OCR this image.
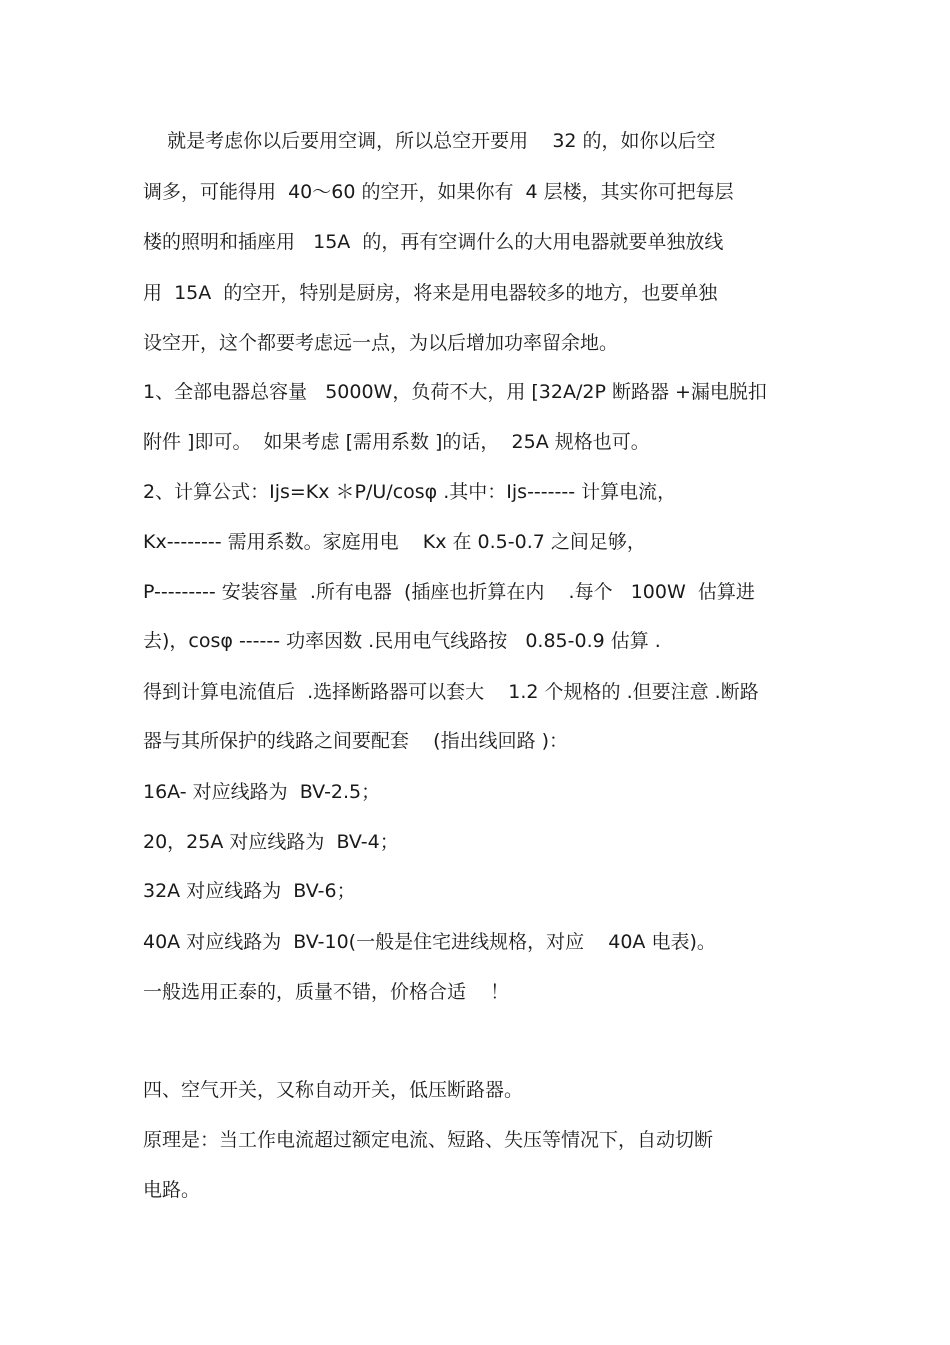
就是考虑你以后要用空调，所以总空开要用    32 的，如你以后空
调多，可能得用  40～60 的空开，如果你有  4 层楼，其实你可把每层
楼的照明和插座用   15A  的，再有空调什么的大用电器就要单独放线
用  15A  的空开，特别是厨房，将来是用电器较多的地方，也要单独
设空开，这个都要考虑远一点，为以后增加功率留余地。
1、全部电器总容量   5000W，负荷不大，用 [32A/2P 断路器 +漏电脱扣
附件 ]即可。  如果考虑 [需用系数 ]的话，  25A 规格也可。
2、计算公式：Ijs=Kx ＊P/U/cosφ .其中：Ijs------- 计算电流，
Kx-------- 需用系数。家庭用电    Kx 在 0.5-0.7 之间足够，
P--------- 安装容量  .所有电器  (插座也折算在内    .每个   100W  估算进
去)，cosφ ------ 功率因数 .民用电气线路按   0.85-0.9 估算 .
得到计算电流值后  .选择断路器可以套大    1.2 个规格的 .但要注意 .断路
器与其所保护的线路之间要配套    (指出线回路 )：
16A- 对应线路为  BV-2.5；
20，25A 对应线路为  BV-4；
32A 对应线路为  BV-6；
40A 对应线路为  BV-10(一般是住宅进线规格，对应    40A 电表)。
一般选用正泰的，质量不错，价格合适    ！
四、空气开关，又称自动开关，低压断路器。
原理是：当工作电流超过额定电流、短路、失压等情况下，自动切断
电路。
